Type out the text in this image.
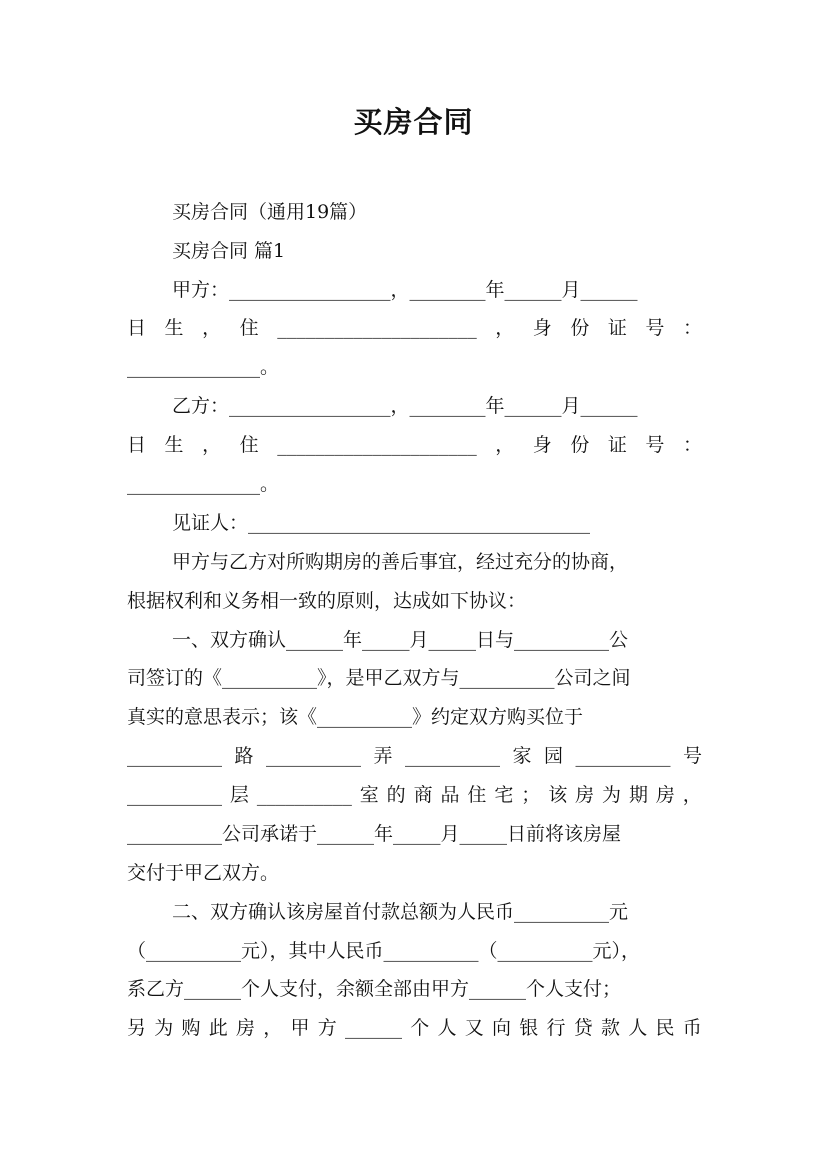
买房合同
买房合同（通用19篇）
买房合同 篇1
甲方：_________________，________年______月______
日 生 ， 住 _____________________ ， 身 份 证 号 ：
______________。
乙方：_________________，________年______月______
日 生 ， 住 _____________________ ， 身 份 证 号 ：
______________。
见证人：____________________________________
甲方与乙方对所购期房的善后事宜，经过充分的协商，
根据权利和义务相一致的原则，达成如下协议：
一、双方确认______年_____月_____日与__________公
司签订的《__________》，是甲乙双方与__________公司之间
真实的意思表示；该《__________》约定双方购买位于
__________ 路 __________ 弄 __________ 家 园 __________ 号
__________ 层 __________ 室 的 商 品 住 宅 ； 该 房 为 期 房 ，
__________公司承诺于______年_____月_____日前将该房屋
交付于甲乙双方。
二、双方确认该房屋首付款总额为人民币__________元
（__________元），其中人民币__________（__________元），
系乙方______个人支付，余额全部由甲方______个人支付；
另 为 购 此 房 ， 甲 方 ______ 个 人 又 向 银 行 贷 款 人 民 币
